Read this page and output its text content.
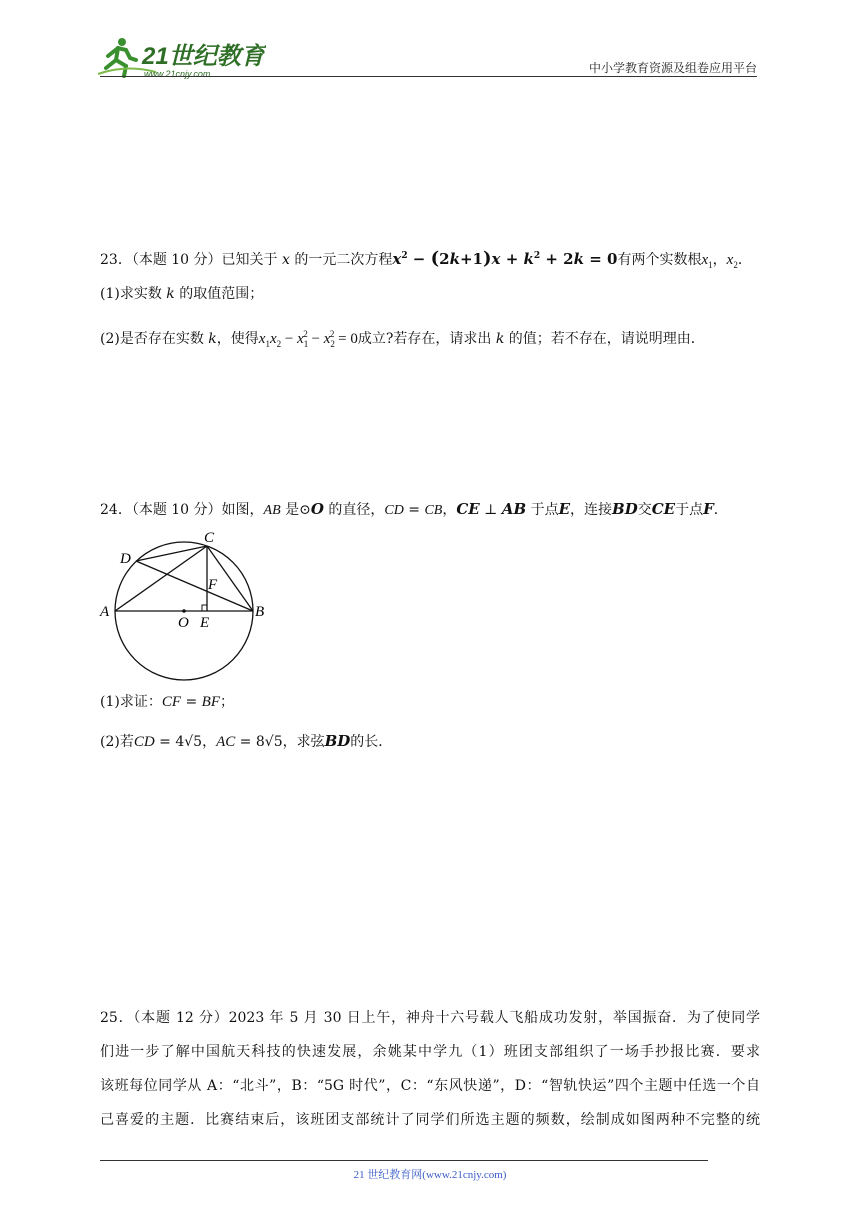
21世纪教育
www.21cnjy.com	中小学教育资源及组卷应用平台
23．（本题 10 分）已知关于 x 的一元二次方程$x^2 - (2k+1)x + k^2 + 2k = 0$有两个实数根$x_1$，$x_2$．
(1)求实数 k 的取值范围；
(2)是否存在实数 k，使得$x_1x_2 - x_1^2 - x_2^2 = 0$成立?若存在，请求出 k 的值；若不存在，请说明理由．
24．（本题 10 分）如图，AB 是⊙O 的直径，CD = CB，CE ⊥ AB 于点E，连接BD交CE于点F．
A	B
C
D
E
F
O
(1)求证：CF = BF；
(2)若CD = 4√5，AC = 8√5，求弦BD的长．
25．（本题 12 分）2023 年 5 月 30 日上午，神舟十六号载人飞船成功发射，举国振奋．为了使同学
们进一步了解中国航天科技的快速发展，余姚某中学九（1）班团支部组织了一场手抄报比赛．要求
该班每位同学从 A：“北斗”，B：“5G 时代”，C：“东风快递”，D：“智轨快运”四个主题中任选一个自
己喜爱的主题．比赛结束后，该班团支部统计了同学们所选主题的频数，绘制成如图两种不完整的统
21 世纪教育网(www.21cnjy.com)
